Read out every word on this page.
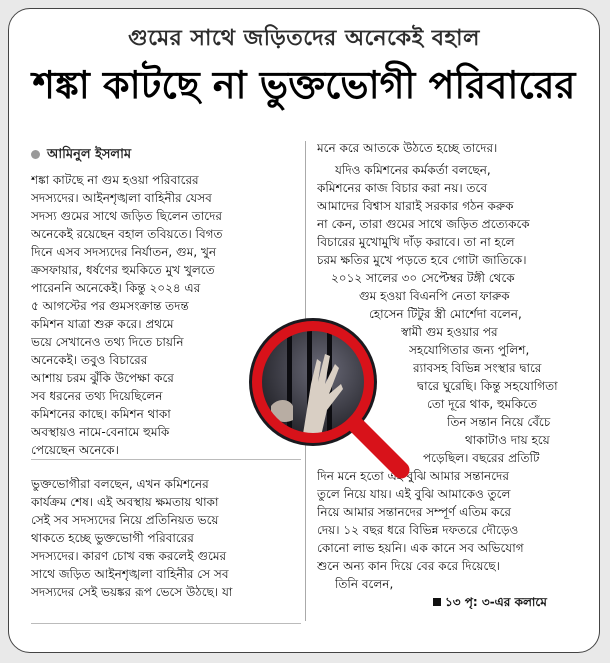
গুমের সাথে জড়িতদের অনেকেই বহাল
শঙ্কা কাটছে না ভুক্তভোগী পরিবারের
আমিনুল ইসলাম
শঙ্কা কাটছে না গুম হওয়া পরিবারের
সদস্যদের। আইনশৃঙ্খলা বাহিনীর যেসব
সদস্য গুমের সাথে জড়িত ছিলেন তাদের
অনেকেই রয়েছেন বহাল তবিয়তে। বিগত
দিনে এসব সদস্যদের নির্যাতন, গুম, খুন
ক্রসফায়ার, ধর্ষণের হুমকিতে মুখ খুলতে
পারেননি অনেকেই। কিন্তু ২০২৪ এর
৫ আগস্টের পর গুমসংক্রান্ত তদন্ত
কমিশন যাত্রা শুরু করে। প্রথমে
ভয়ে সেখানেও তথ্য দিতে চায়নি
অনেকেই। তবুও বিচারের
আশায় চরম ঝুঁকি উপেক্ষা করে
সব ধরনের তথ্য দিয়েছিলেন
কমিশনের কাছে। কমিশন থাকা
অবস্থায়ও নামে-বেনামে হুমকি
পেয়েছেন অনেকে।
ভুক্তভোগীরা বলছেন, এখন কমিশনের
কার্যক্রম শেষ। এই অবস্থায় ক্ষমতায় থাকা
সেই সব সদস্যদের নিয়ে প্রতিনিয়ত ভয়ে
থাকতে হচ্ছে ভুক্তভোগী পরিবারের
সদস্যদের। কারণ চোখ বন্ধ করলেই গুমের
সাথে জড়িত আইনশৃঙ্খলা বাহিনীর সে সব
সদস্যদের সেই ভয়ঙ্কর রূপ ভেসে উঠছে। যা
মনে করে আতকে উঠতে হচ্ছে তাদের।
যদিও কমিশনের কর্মকর্তা বলছেন,
কমিশনের কাজ বিচার করা নয়। তবে
আমাদের বিশ্বাস যারাই সরকার গঠন করুক
না কেন, তারা গুমের সাথে জড়িত প্রত্যেককে
বিচারের মুখোমুখি দাঁড় করাবে। তা না হলে
চরম ক্ষতির মুখে পড়তে হবে গোটা জাতিকে।
২০১২ সালের ৩০ সেপ্টেম্বর টঙ্গী থেকে
গুম হওয়া বিএনপি নেতা ফারুক
হোসেন টিটুর স্ত্রী মোর্শেদা বলেন,
স্বামী গুম হওয়ার পর
সহযোগিতার জন্য পুলিশ,
র‍্যাবসহ বিভিন্ন সংস্থার দ্বারে
দ্বারে ঘুরেছি। কিন্তু সহযোগিতা
তো দূরে থাক, হুমকিতে
তিন সন্তান নিয়ে বেঁচে
থাকাটাও দায় হয়ে
পড়েছিল। বছরের প্রতিটি
দিন মনে হতো এই বুঝি আমার সন্তানদের
তুলে নিয়ে যায়। এই বুঝি আমাকেও তুলে
নিয়ে আমার সন্তানদের সম্পূর্ণ এতিম করে
দেয়। ১২ বছর ধরে বিভিন্ন দফতরে দৌড়েও
কোনো লাভ হয়নি। এক কানে সব অভিযোগ
শুনে অন্য কান দিয়ে বের করে দিয়েছে।
তিনি বলেন,
১৩ পৃ: ৩-এর কলামে
